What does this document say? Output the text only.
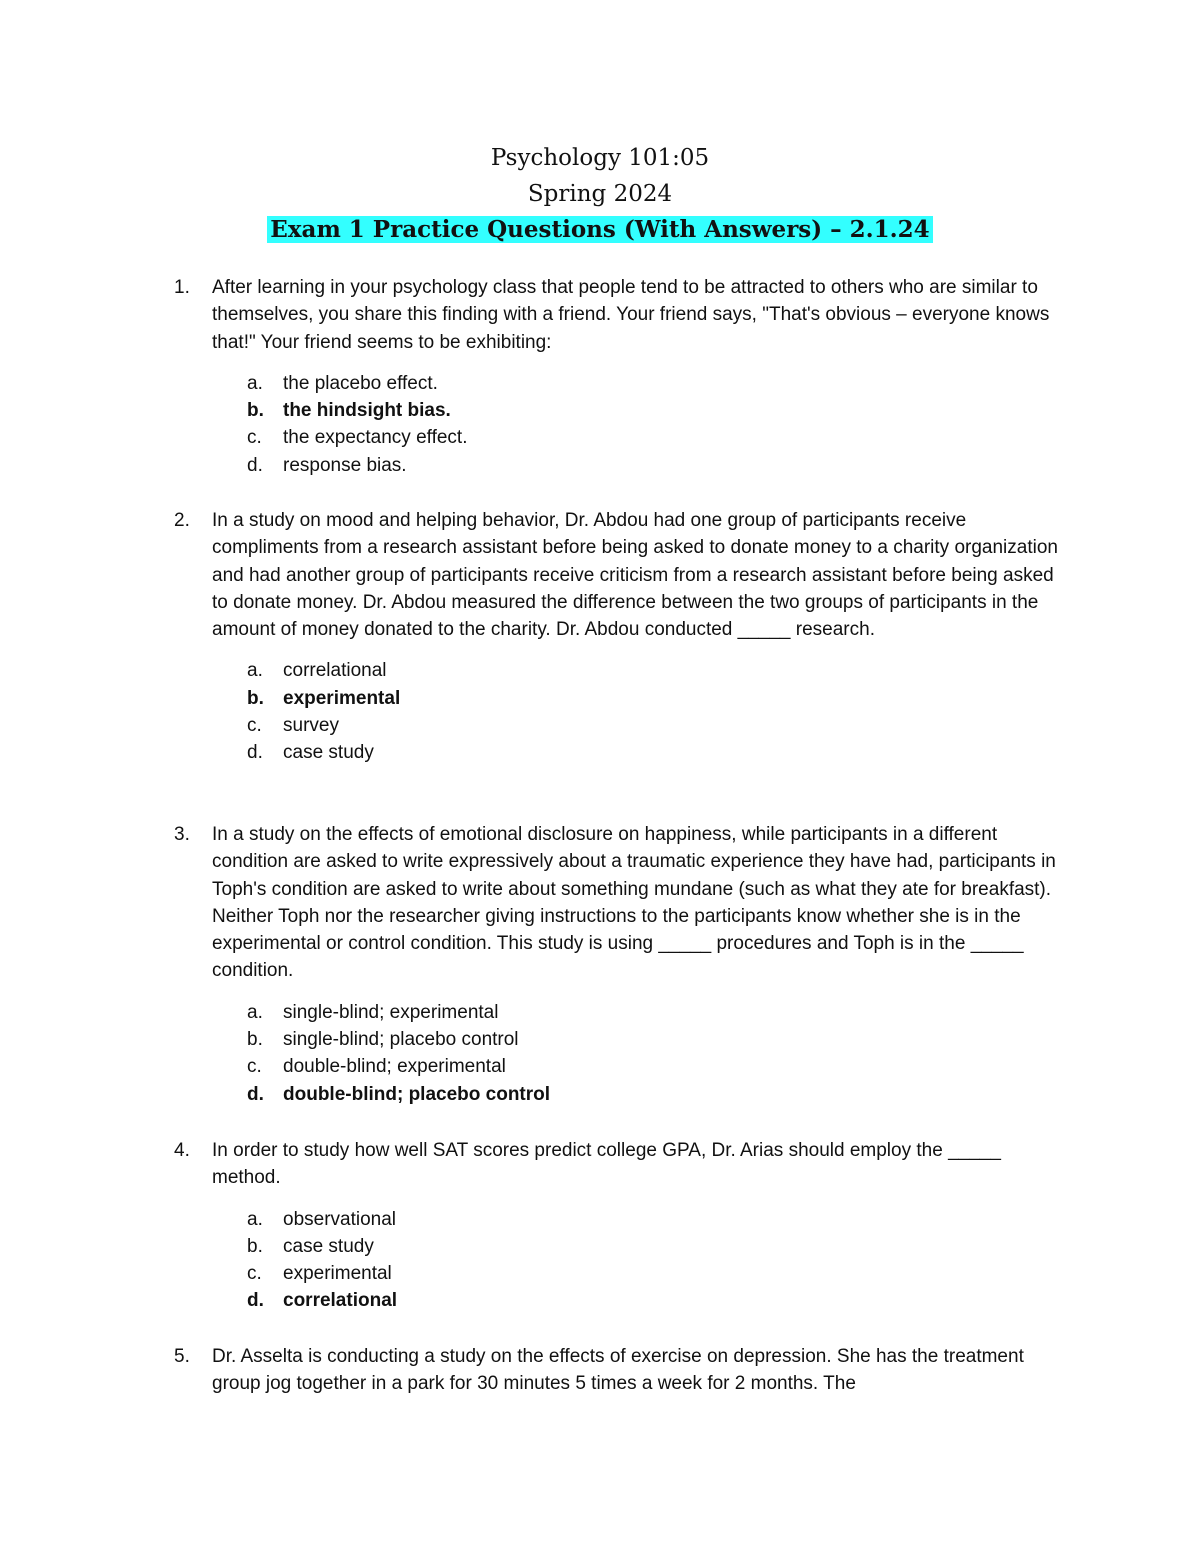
Psychology 101:05
Spring 2024
Exam 1 Practice Questions (With Answers) – 2.1.24
1. After learning in your psychology class that people tend to be attracted to others who are similar to themselves, you share this finding with a friend. Your friend says, "That's obvious – everyone knows that!" Your friend seems to be exhibiting:

a. the placebo effect.
b. the hindsight bias.
c. the expectancy effect.
d. response bias.
2. In a study on mood and helping behavior, Dr. Abdou had one group of participants receive compliments from a research assistant before being asked to donate money to a charity organization and had another group of participants receive criticism from a research assistant before being asked to donate money. Dr. Abdou measured the difference between the two groups of participants in the amount of money donated to the charity. Dr. Abdou conducted _____ research.

a. correlational
b. experimental
c. survey
d. case study
3. In a study on the effects of emotional disclosure on happiness, while participants in a different condition are asked to write expressively about a traumatic experience they have had, participants in Toph's condition are asked to write about something mundane (such as what they ate for breakfast). Neither Toph nor the researcher giving instructions to the participants know whether she is in the experimental or control condition. This study is using _____ procedures and Toph is in the _____ condition.

a. single-blind; experimental
b. single-blind; placebo control
c. double-blind; experimental
d. double-blind; placebo control
4. In order to study how well SAT scores predict college GPA, Dr. Arias should employ the _____ method.

a. observational
b. case study
c. experimental
d. correlational
5. Dr. Asselta is conducting a study on the effects of exercise on depression. She has the treatment group jog together in a park for 30 minutes 5 times a week for 2 months. The
